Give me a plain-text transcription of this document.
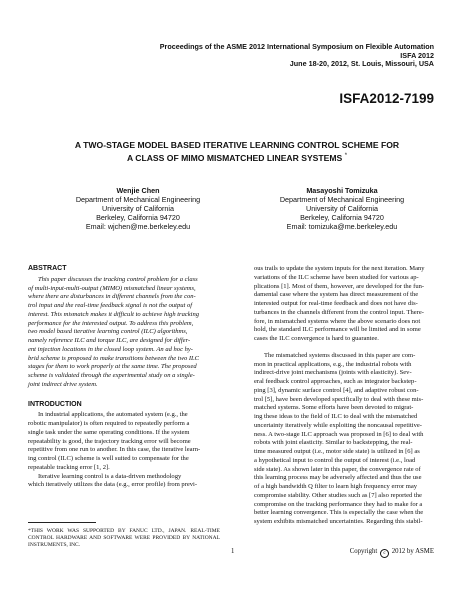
Proceedings of the ASME 2012 International Symposium on Flexible Automation
ISFA 2012
June 18-20, 2012, St. Louis, Missouri, USA
ISFA2012-7199
A TWO-STAGE MODEL BASED ITERATIVE LEARNING CONTROL SCHEME FOR
A CLASS OF MIMO MISMATCHED LINEAR SYSTEMS *
Wenjie Chen
Department of Mechanical Engineering
University of California
Berkeley, California 94720
Email: wjchen@me.berkeley.edu
Masayoshi Tomizuka
Department of Mechanical Engineering
University of California
Berkeley, California 94720
Email: tomizuka@me.berkeley.edu
ABSTRACT
This paper discusses the tracking control problem for a class
of multi-input-multi-output (MIMO) mismatched linear systems,
where there are disturbances in different channels from the con-
trol input and the real-time feedback signal is not the output of
interest. This mismatch makes it difficult to achieve high tracking
performance for the interested output. To address this problem,
two model based iterative learning control (ILC) algorithms,
namely reference ILC and torque ILC, are designed for differ-
ent injection locations in the closed loop system. An ad hoc hy-
brid scheme is proposed to make transitions between the two ILC
stages for them to work properly at the same time. The proposed
scheme is validated through the experimental study on a single-
joint indirect drive system.
INTRODUCTION
In industrial applications, the automated system (e.g., the
robotic manipulator) is often required to repeatedly perform a
single task under the same operating conditions. If the system
repeatability is good, the trajectory tracking error will become
repetitive from one run to another. In this case, the iterative learn-
ing control (ILC) scheme is well suited to compensate for the
repeatable tracking error [1, 2].
Iterative learning control is a data-driven methodology
which iteratively utilizes the data (e.g., error profile) from previ-
*THIS WORK WAS SUPPORTED BY FANUC LTD., JAPAN. REAL-TIME CONTROL HARDWARE AND SOFTWARE WERE PROVIDED BY NATIONAL INSTRUMENTS, INC.
ous trails to update the system inputs for the next iteration. Many
variations of the ILC scheme have been studied for various ap-
plications [1]. Most of them, however, are developed for the fun-
damental case where the system has direct measurement of the
interested output for real-time feedback and does not have dis-
turbances in the channels different from the control input. There-
fore, in mismatched systems where the above scenario does not
hold, the standard ILC performance will be limited and in some
cases the ILC convergence is hard to guarantee.
The mismatched systems discussed in this paper are com-
mon in practical applications, e.g., the industrial robots with
indirect-drive joint mechanisms (joints with elasticity). Sev-
eral feedback control approaches, such as integrator backstep-
ping [3], dynamic surface control [4], and adaptive robust con-
trol [5], have been developed specifically to deal with these mis-
matched systems. Some efforts have been devoted to migrat-
ing these ideas to the field of ILC to deal with the mismatched
uncertainty iteratively while exploiting the noncausal repetitive-
ness. A two-stage ILC approach was proposed in [6] to deal with
robots with joint elasticity. Similar to backstepping, the real-
time measured output (i.e., motor side state) is utilized in [6] as
a hypothetical input to control the output of interest (i.e., load
side state). As shown later in this paper, the convergence rate of
this learning process may be adversely affected and thus the use
of a high bandwidth Q filter to learn high frequency error may
compromise stability. Other studies such as [7] also reported the
compromise on the tracking performance they had to make for a
better learning convergence. This is especially the case when the
system exhibits mismatched uncertainties. Regarding this stabil-
1	Copyright c 2012 by ASME
